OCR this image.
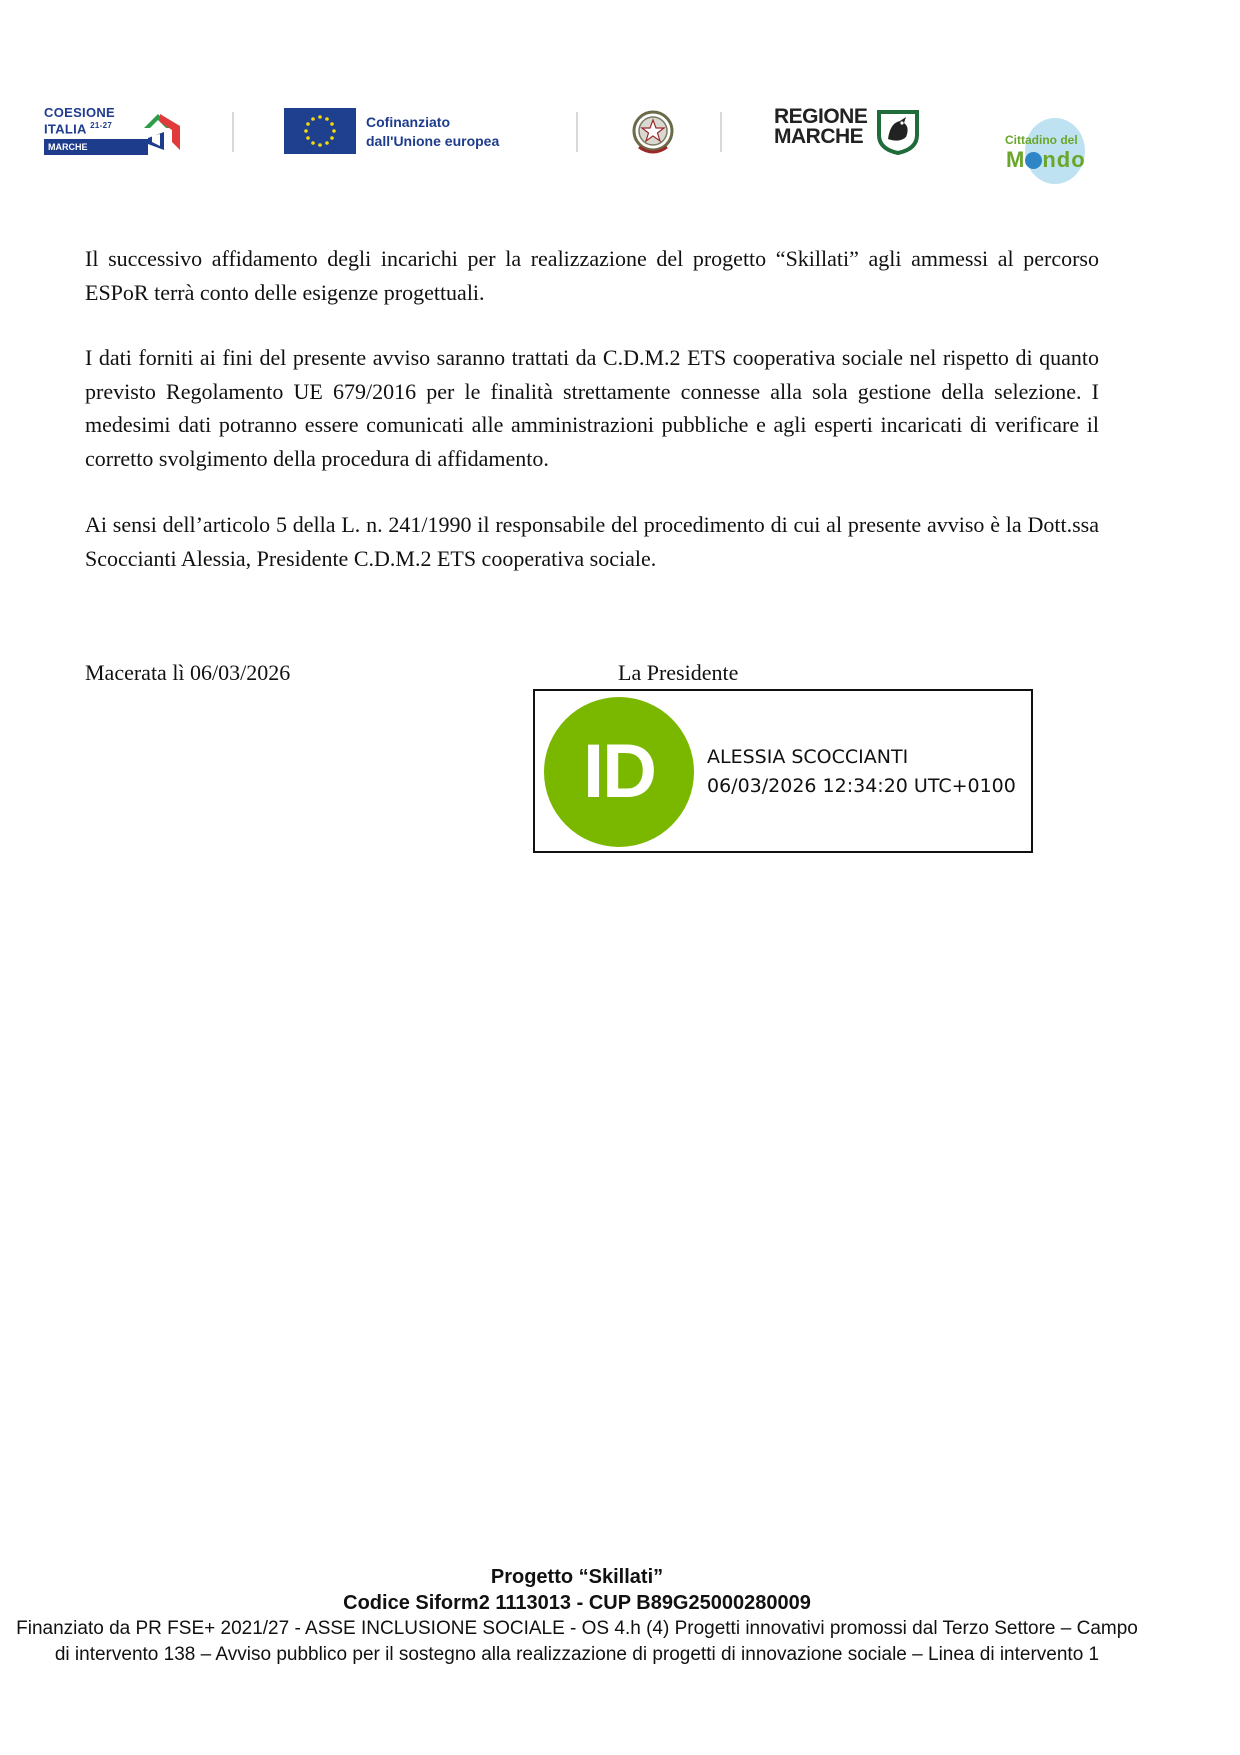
COESIONE
ITALIA $^{21-27}$
MARCHE
Cofinanziato
dall'Unione europea
REGIONE
MARCHE	Cittadino del
M ndo
Il successivo affidamento degli incarichi per la realizzazione del progetto “Skillati” agli ammessi al percorso ESPoR terrà conto delle esigenze progettuali.
I dati forniti ai fini del presente avviso saranno trattati da C.D.M.2 ETS cooperativa sociale nel rispetto di quanto previsto Regolamento UE 679/2016 per le finalità strettamente connesse alla sola gestione della selezione. I medesimi dati potranno essere comunicati alle amministrazioni pubbliche e agli esperti incaricati di verificare il corretto svolgimento della procedura di affidamento.
Ai sensi dell’articolo 5 della L. n. 241/1990 il responsabile del procedimento di cui al presente avviso è la Dott.ssa Scoccianti Alessia, Presidente C.D.M.2 ETS cooperativa sociale.
Macerata lì 06/03/2026	La Presidente
ID	ALESSIA SCOCCIANTI
06/03/2026 12:34:20 UTC+0100
Progetto “Skillati”
Codice Siform2 1113013 - CUP B89G25000280009
Finanziato da PR FSE+ 2021/27 - ASSE INCLUSIONE SOCIALE - OS 4.h (4) Progetti innovativi promossi dal Terzo Settore – Campo di intervento 138 – Avviso pubblico per il sostegno alla realizzazione di progetti di innovazione sociale – Linea di intervento 1
